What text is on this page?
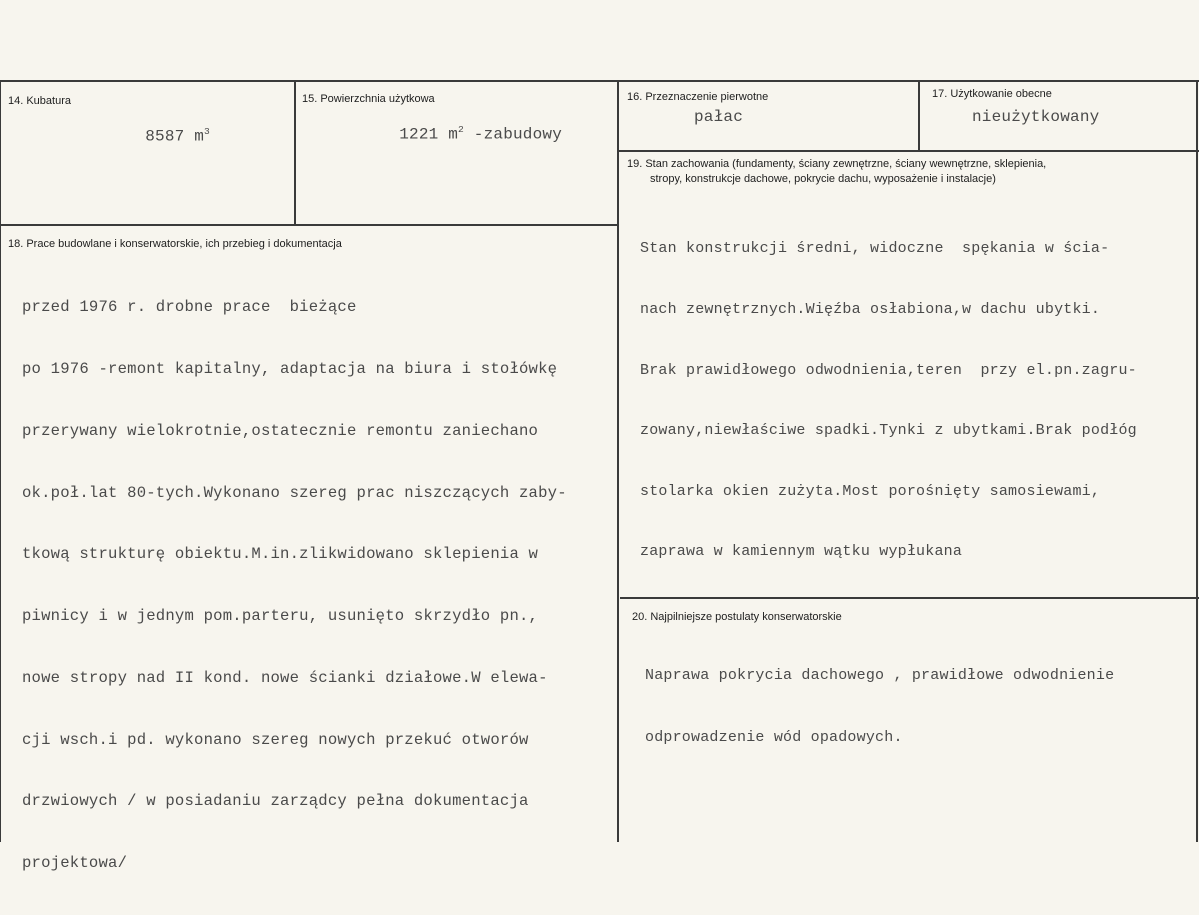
14. Kubatura

8587 $m^3$

15. Powierzchnia użytkowa

1221 $m^2$ -zabudowy

16. Przeznaczenie pierwotne
pałac
17. Użytkowanie obecne
nieużytkowany
18. Prace budowlane i konserwatorskie, ich przebieg i dokumentacja

przed 1976 r. drobne prace  bieżące

po 1976 -remont kapitalny, adaptacja na biura i stołówkę

przerywany wielokrotnie,ostatecznie remontu zaniechano

ok.poł.lat 80-tych.Wykonano szereg prac niszczących zaby-

tkową strukturę obiektu.M.in.zlikwidowano sklepienia w

piwnicy i w jednym pom.parteru, usunięto skrzydło pn.,

nowe stropy nad II kond. nowe ścianki działowe.W elewa-

cji wsch.i pd. wykonano szereg nowych przekuć otworów

drzwiowych / w posiadaniu zarządcy pełna dokumentacja

projektowa/

19. Stan zachowania (fundamenty, ściany zewnętrzne, ściany wewnętrzne, sklepienia,
stropy, konstrukcje dachowe, pokrycie dachu, wyposażenie i instalacje)

Stan konstrukcji średni, widoczne  spękania w ścia-

nach zewnętrznych.Więźba osłabiona,w dachu ubytki.

Brak prawidłowego odwodnienia,teren  przy el.pn.zagru-

zowany,niewłaściwe spadki.Tynki z ubytkami.Brak podłóg

stolarka okien zużyta.Most porośnięty samosiewami,

zaprawa w kamiennym wątku wypłukana

20. Najpilniejsze postulaty konserwatorskie

Naprawa pokrycia dachowego , prawidłowe odwodnienie

odprowadzenie wód opadowych.
